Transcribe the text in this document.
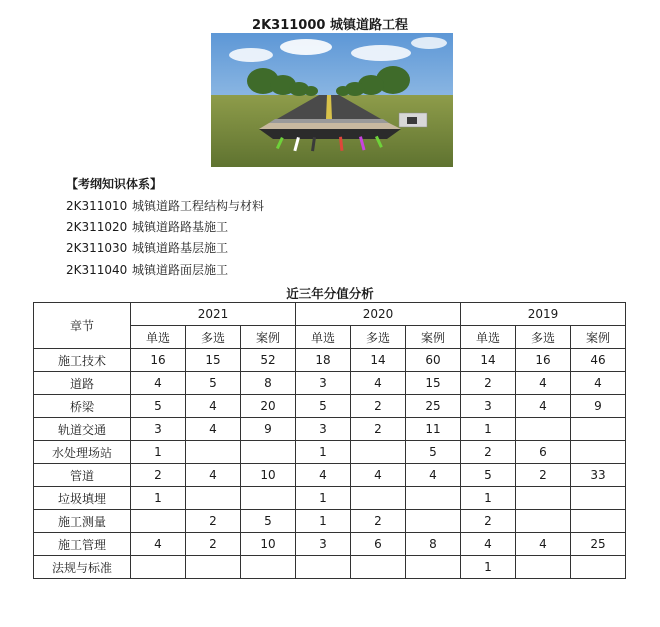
2K311000 城镇道路工程
【考纲知识体系】
2K311010 城镇道路工程结构与材料
2K311020 城镇道路路基施工
2K311030 城镇道路基层施工
2K311040 城镇道路面层施工
近三年分值分析
章节	2021			2020			2019		
	单选	多选	案例	单选	多选	案例	单选	多选	案例
施工技术	16	15	52	18	14	60	14	16	46
道路	4	5	8	3	4	15	2	4	4
桥梁	5	4	20	5	2	25	3	4	9
轨道交通	3	4	9	3	2	11	1		
水处理场站	1			1		5	2	6	
管道	2	4	10	4	4	4	5	2	33
垃圾填埋	1			1			1		
施工测量		2	5	1	2		2		
施工管理	4	2	10	3	6	8	4	4	25
法规与标准							1		
